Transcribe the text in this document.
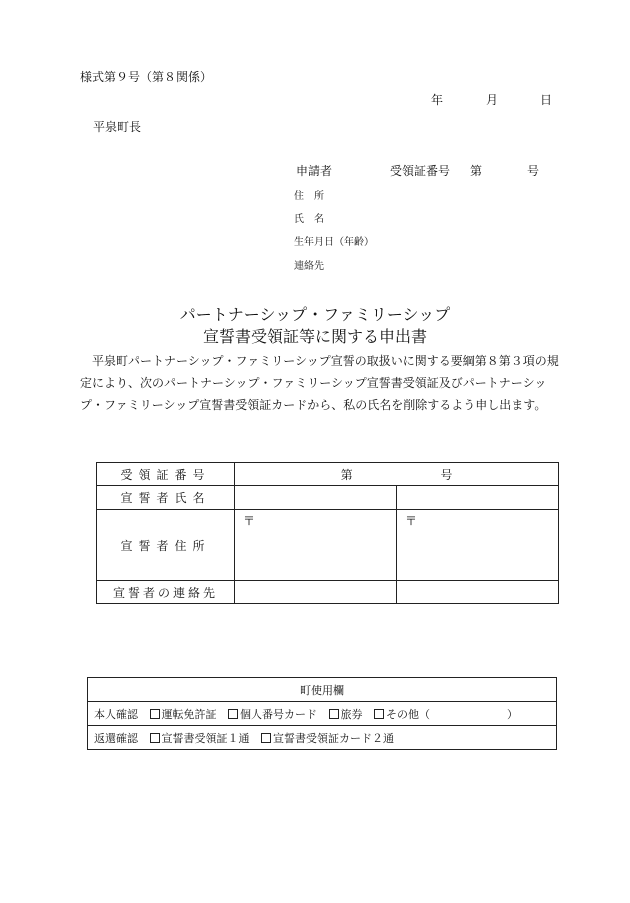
様式第９号（第８関係）
年	月	日
平泉町長
申請者	受領証番号 第	号
住　所
氏　名
生年月日（年齢）
連絡先
パートナーシップ・ファミリーシップ
宣誓書受領証等に関する申出書
　平泉町パートナーシップ・ファミリーシップ宣誓の取扱いに関する要綱第８第３項の規定により、次のパートナーシップ・ファミリーシップ宣誓書受領証及びパートナーシップ・ファミリーシップ宣誓書受領証カードから、私の氏名を削除するよう申し出ます。
受領証番号	第 号	
宣誓者氏名		
宣誓者住所	〒	〒
宣誓者の連絡先		
町使用欄
本人確認 運転免許証 個人番号カード 旅券 その他（	）
返還確認 宣誓書受領証１通 宣誓書受領証カード２通
